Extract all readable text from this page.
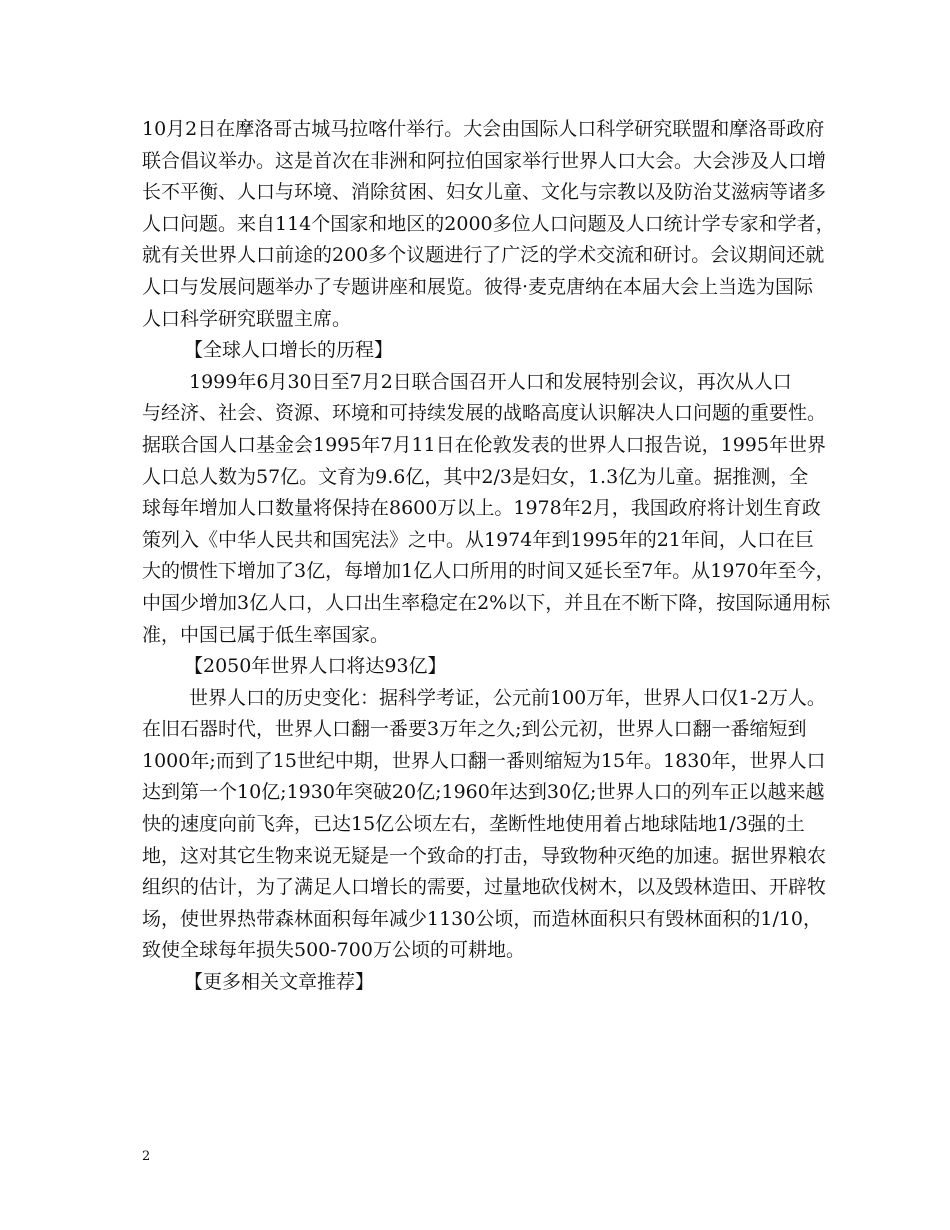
10月2日在摩洛哥古城马拉喀什举行。大会由国际人口科学研究联盟和摩洛哥政府
联合倡议举办。这是首次在非洲和阿拉伯国家举行世界人口大会。大会涉及人口增
长不平衡、人口与环境、消除贫困、妇女儿童、文化与宗教以及防治艾滋病等诸多
人口问题。来自114个国家和地区的2000多位人口问题及人口统计学专家和学者，
就有关世界人口前途的200多个议题进行了广泛的学术交流和研讨。会议期间还就
人口与发展问题举办了专题讲座和展览。彼得·麦克唐纳在本届大会上当选为国际
人口科学研究联盟主席。
【全球人口增长的历程】
1999年6月30日至7月2日联合国召开人口和发展特别会议，再次从人口
与经济、社会、资源、环境和可持续发展的战略高度认识解决人口问题的重要性。
据联合国人口基金会1995年7月11日在伦敦发表的世界人口报告说，1995年世界
人口总人数为57亿。文育为9.6亿，其中2/3是妇女，1.3亿为儿童。据推测，全
球每年增加人口数量将保持在8600万以上。1978年2月，我国政府将计划生育政
策列入《中华人民共和国宪法》之中。从1974年到1995年的21年间，人口在巨
大的惯性下增加了3亿，每增加1亿人口所用的时间又延长至7年。从1970年至今，
中国少增加3亿人口，人口出生率稳定在2%以下，并且在不断下降，按国际通用标
准，中国已属于低生率国家。
【2050年世界人口将达93亿】
世界人口的历史变化：据科学考证，公元前100万年，世界人口仅1-2万人。
在旧石器时代，世界人口翻一番要3万年之久;到公元初，世界人口翻一番缩短到
1000年;而到了15世纪中期，世界人口翻一番则缩短为15年。1830年，世界人口
达到第一个10亿;1930年突破20亿;1960年达到30亿;世界人口的列车正以越来越
快的速度向前飞奔，已达15亿公顷左右，垄断性地使用着占地球陆地1/3强的土
地，这对其它生物来说无疑是一个致命的打击，导致物种灭绝的加速。据世界粮农
组织的估计，为了满足人口增长的需要，过量地砍伐树木，以及毁林造田、开辟牧
场，使世界热带森林面积每年减少1130公顷，而造林面积只有毁林面积的1/10，
致使全球每年损失500-700万公顷的可耕地。
【更多相关文章推荐】
2
